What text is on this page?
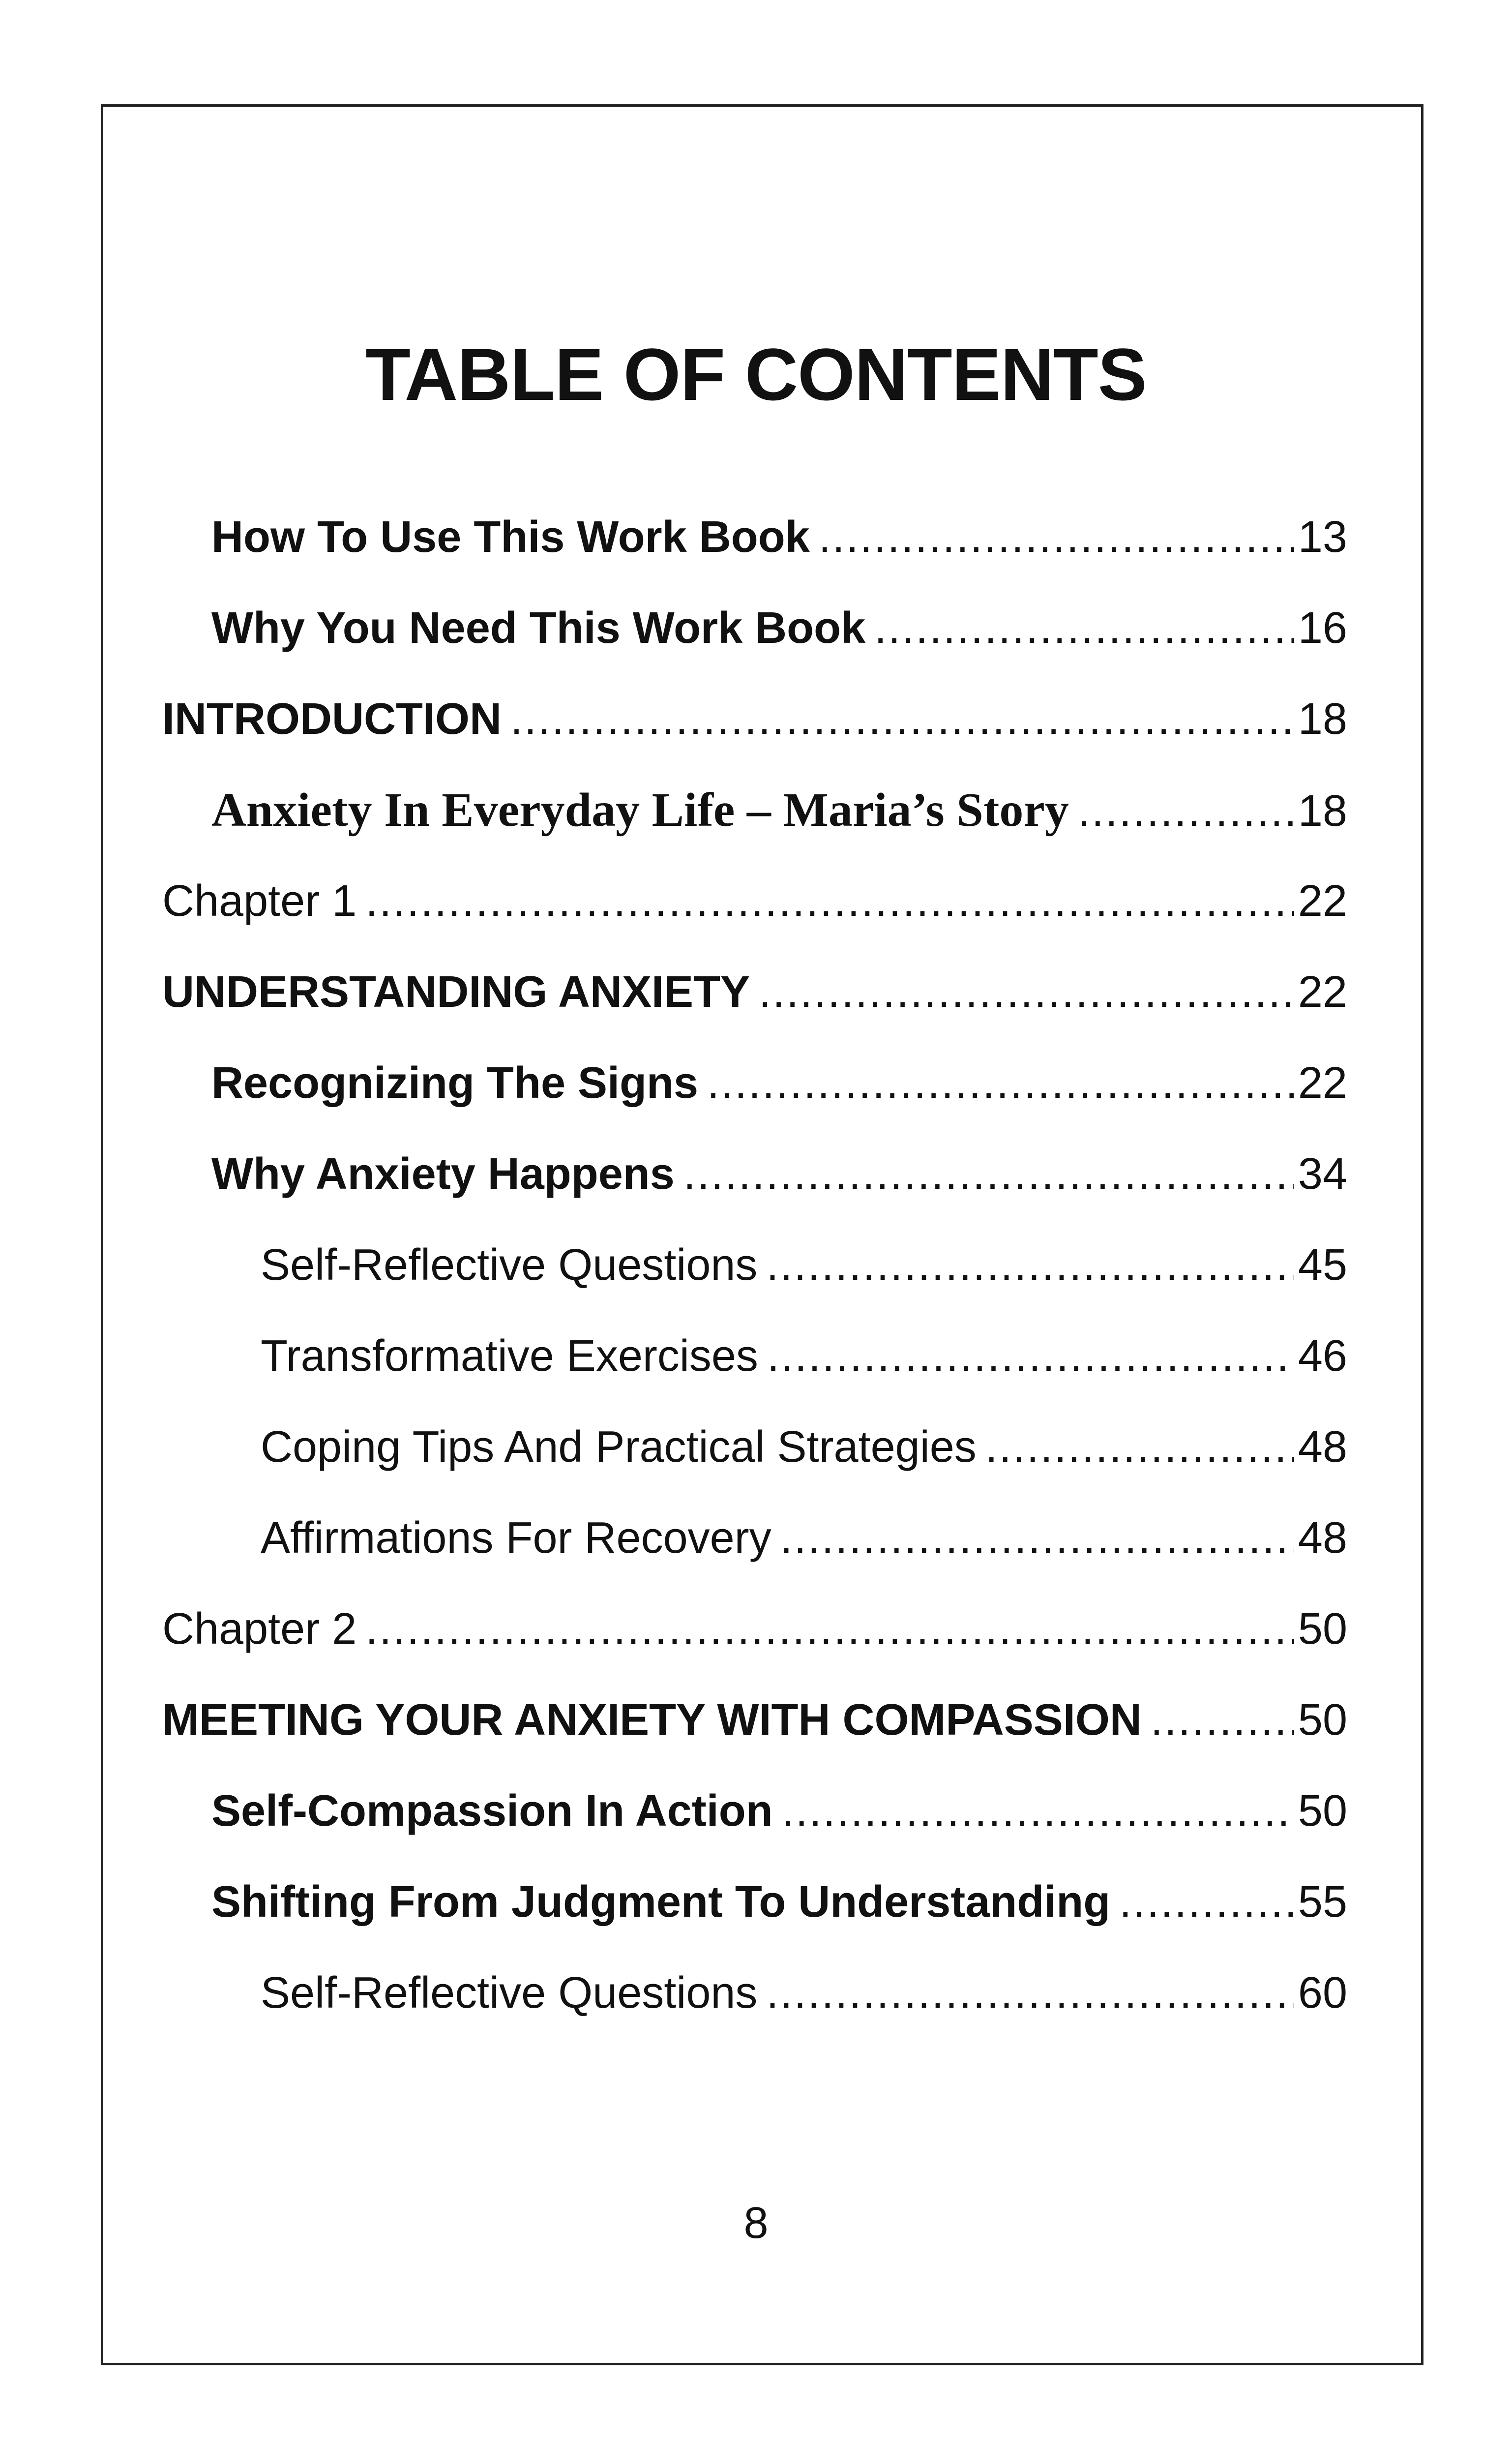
TABLE OF CONTENTS
How To Use This Work Book .....	13
Why You Need This Work Book .....	16
INTRODUCTION .....	18
Anxiety In Everyday Life – Maria’s Story .....	18
Chapter 1 .....	22
UNDERSTANDING ANXIETY .....	22
Recognizing The Signs .....	22
Why Anxiety Happens .....	34
Self-Reflective Questions .....	45
Transformative Exercises .....	46
Coping Tips And Practical Strategies .....	48
Affirmations For Recovery .....	48
Chapter 2 .....	50
MEETING YOUR ANXIETY WITH COMPASSION .....	50
Self-Compassion In Action .....	50
Shifting From Judgment To Understanding .....	55
Self-Reflective Questions .....	60
8
